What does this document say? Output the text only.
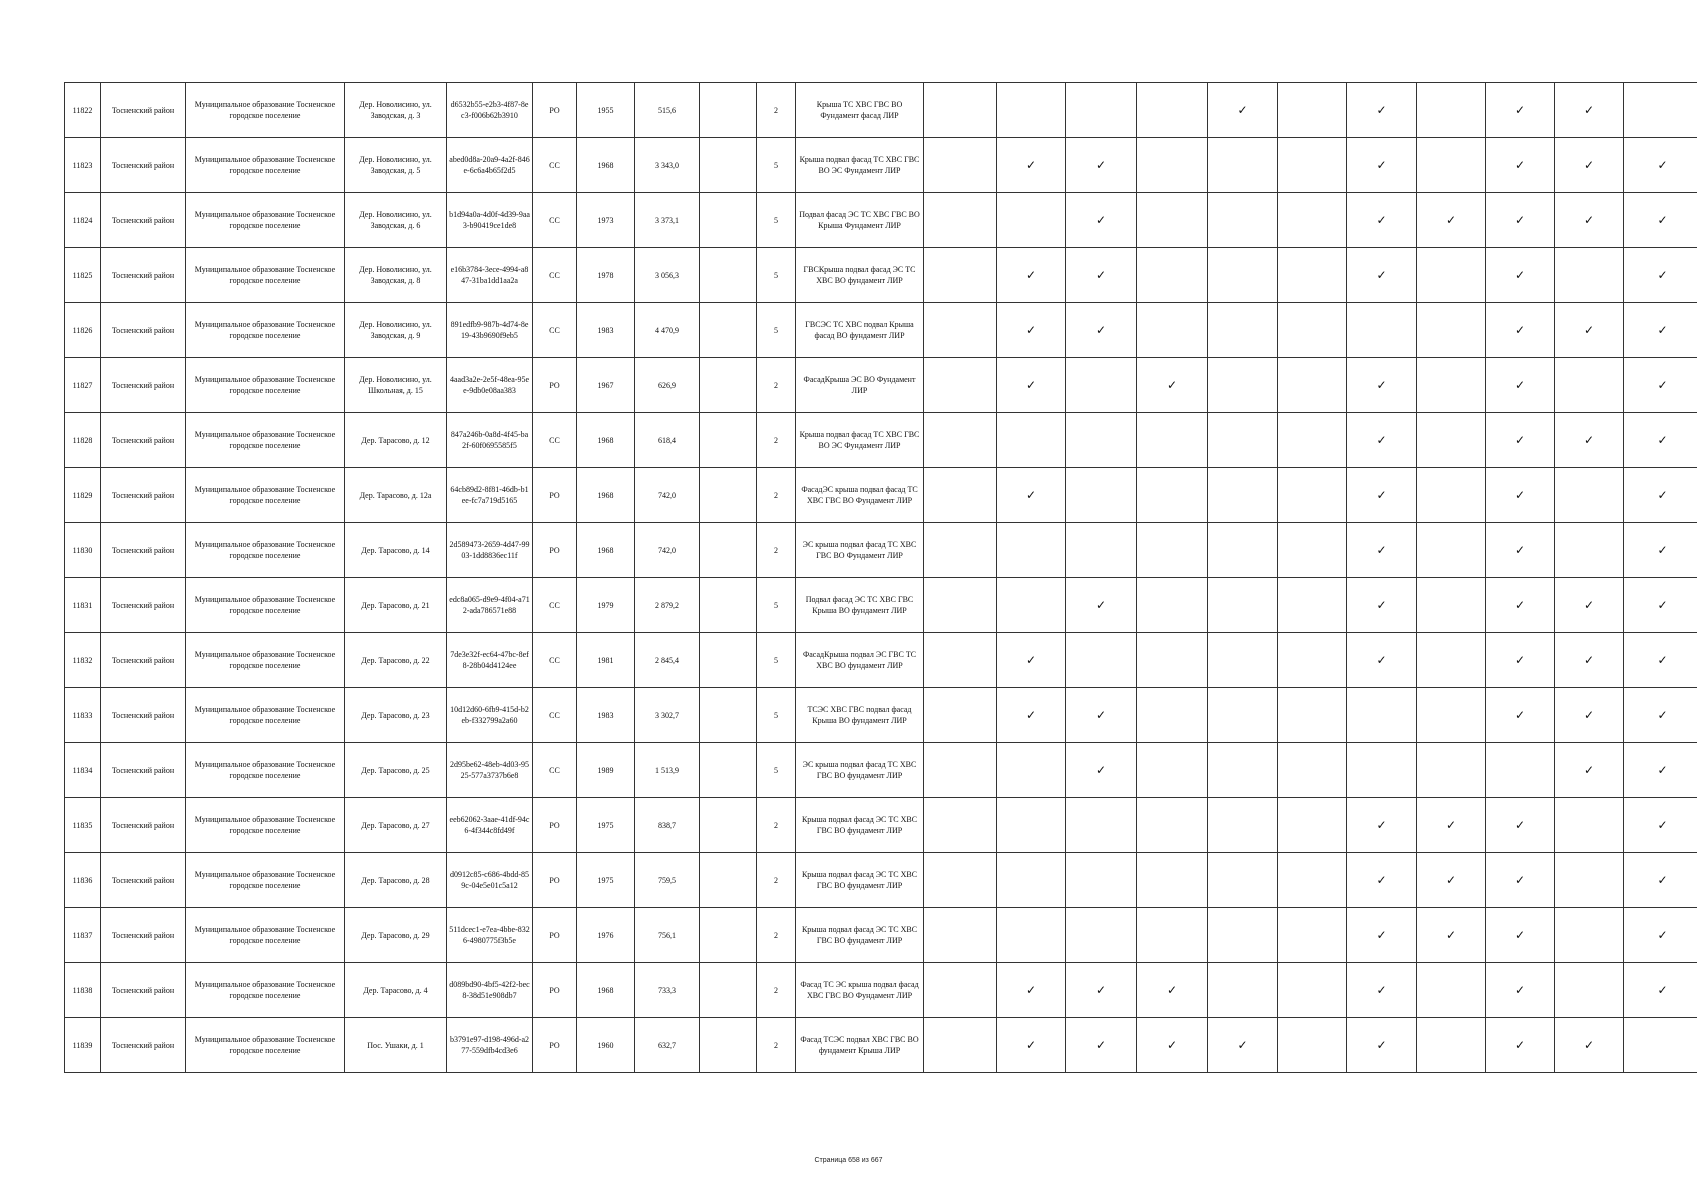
11822	Тосненский район	Муниципальное образование Тосненское городское поселение	Дер. Новолисино, ул. Заводская, д. 3	d6532b55-e2b3-4f87-8ec3-f006b62b3910	РО	1955	515,6		2	Крыша ТС ХВС ГВС ВО Фундамент фасад ЛИР					✓		✓		✓	✓	
11823	Тосненский район	Муниципальное образование Тосненское городское поселение	Дер. Новолисино, ул. Заводская, д. 5	abed0d8a-20a9-4a2f-846e-6c6a4b65f2d5	СС	1968	3 343,0		5	Крыша подвал фасад ТС ХВС ГВС ВО ЭС Фундамент ЛИР		✓	✓				✓		✓	✓	✓
11824	Тосненский район	Муниципальное образование Тосненское городское поселение	Дер. Новолисино, ул. Заводская, д. 6	b1d94a0a-4d0f-4d39-9aa3-b90419ce1de8	СС	1973	3 373,1		5	Подвал фасад ЭС ТС ХВС ГВС ВО Крыша Фундамент ЛИР			✓				✓	✓	✓	✓	✓
11825	Тосненский район	Муниципальное образование Тосненское городское поселение	Дер. Новолисино, ул. Заводская, д. 8	e16b3784-3ece-4994-a847-31ba1dd1aa2a	СС	1978	3 056,3		5	ГВСКрыша подвал фасад ЭС ТС ХВС ВО фундамент ЛИР		✓	✓				✓		✓		✓
11826	Тосненский район	Муниципальное образование Тосненское городское поселение	Дер. Новолисино, ул. Заводская, д. 9	891edfb9-987b-4d74-8e19-43b9690f9eb5	СС	1983	4 470,9		5	ГВСЭС ТС ХВС подвал Крыша фасад ВО фундамент ЛИР		✓	✓						✓	✓	✓
11827	Тосненский район	Муниципальное образование Тосненское городское поселение	Дер. Новолисино, ул. Школьная, д. 15	4aad3a2e-2e5f-48ea-95ee-9db0e08aa383	РО	1967	626,9		2	ФасадКрыша ЭС ВО Фундамент ЛИР		✓		✓			✓		✓		✓
11828	Тосненский район	Муниципальное образование Тосненское городское поселение	Дер. Тарасово, д. 12	847a246b-0a8d-4f45-ba2f-60f0695585f5	СС	1968	618,4		2	Крыша подвал фасад ТС ХВС ГВС ВО ЭС Фундамент ЛИР							✓		✓	✓	✓
11829	Тосненский район	Муниципальное образование Тосненское городское поселение	Дер. Тарасово, д. 12а	64cb89d2-8f81-46db-b1ee-fc7a719d5165	РО	1968	742,0		2	ФасадЭС крыша подвал фасад ТС ХВС ГВС ВО Фундамент ЛИР		✓					✓		✓		✓
11830	Тосненский район	Муниципальное образование Тосненское городское поселение	Дер. Тарасово, д. 14	2d589473-2659-4d47-9903-1dd8836ec11f	РО	1968	742,0		2	ЭС крыша подвал фасад ТС ХВС ГВС ВО Фундамент ЛИР							✓		✓		✓
11831	Тосненский район	Муниципальное образование Тосненское городское поселение	Дер. Тарасово, д. 21	edc8a065-d9e9-4f04-a712-ada786571e88	СС	1979	2 879,2		5	Подвал фасад ЭС ТС ХВС ГВС Крыша ВО фундамент ЛИР			✓				✓		✓	✓	✓
11832	Тосненский район	Муниципальное образование Тосненское городское поселение	Дер. Тарасово, д. 22	7de3e32f-ec64-47bc-8ef8-28b04d4124ee	СС	1981	2 845,4		5	ФасадКрыша подвал ЭС ГВС ТС ХВС ВО фундамент ЛИР		✓					✓		✓	✓	✓
11833	Тосненский район	Муниципальное образование Тосненское городское поселение	Дер. Тарасово, д. 23	10d12d60-6fb9-415d-b2eb-f332799a2a60	СС	1983	3 302,7		5	ТСЭС ХВС ГВС подвал фасад Крыша ВО фундамент ЛИР		✓	✓						✓	✓	✓
11834	Тосненский район	Муниципальное образование Тосненское городское поселение	Дер. Тарасово, д. 25	2d95be62-48eb-4d03-9525-577a3737b6e8	СС	1989	1 513,9		5	ЭС крыша подвал фасад ТС ХВС ГВС ВО фундамент ЛИР			✓							✓	✓
11835	Тосненский район	Муниципальное образование Тосненское городское поселение	Дер. Тарасово, д. 27	eeb62062-3aae-41df-94c6-4f344c8fd49f	РО	1975	838,7		2	Крыша подвал фасад ЭС ТС ХВС ГВС ВО фундамент ЛИР							✓	✓	✓		✓
11836	Тосненский район	Муниципальное образование Тосненское городское поселение	Дер. Тарасово, д. 28	d0912c85-c686-4bdd-859c-04e5e01c5a12	РО	1975	759,5		2	Крыша подвал фасад ЭС ТС ХВС ГВС ВО фундамент ЛИР							✓	✓	✓		✓
11837	Тосненский район	Муниципальное образование Тосненское городское поселение	Дер. Тарасово, д. 29	511dcec1-e7ea-4bbe-8326-4980775f3b5e	РО	1976	756,1		2	Крыша подвал фасад ЭС ТС ХВС ГВС ВО фундамент ЛИР							✓	✓	✓		✓
11838	Тосненский район	Муниципальное образование Тосненское городское поселение	Дер. Тарасово, д. 4	d089bd90-4bf5-42f2-bec8-38d51e908db7	РО	1968	733,3		2	Фасад ТС ЭС крыша подвал фасад ХВС ГВС ВО Фундамент ЛИР		✓	✓	✓			✓		✓		✓
11839	Тосненский район	Муниципальное образование Тосненское городское поселение	Пос. Ушаки, д. 1	b3791e97-d198-496d-a277-559dfb4cd3e6	РО	1960	632,7		2	Фасад ТСЭС подвал ХВС ГВС ВО фундамент Крыша ЛИР		✓	✓	✓	✓		✓		✓	✓	
Страница 658 из 667
